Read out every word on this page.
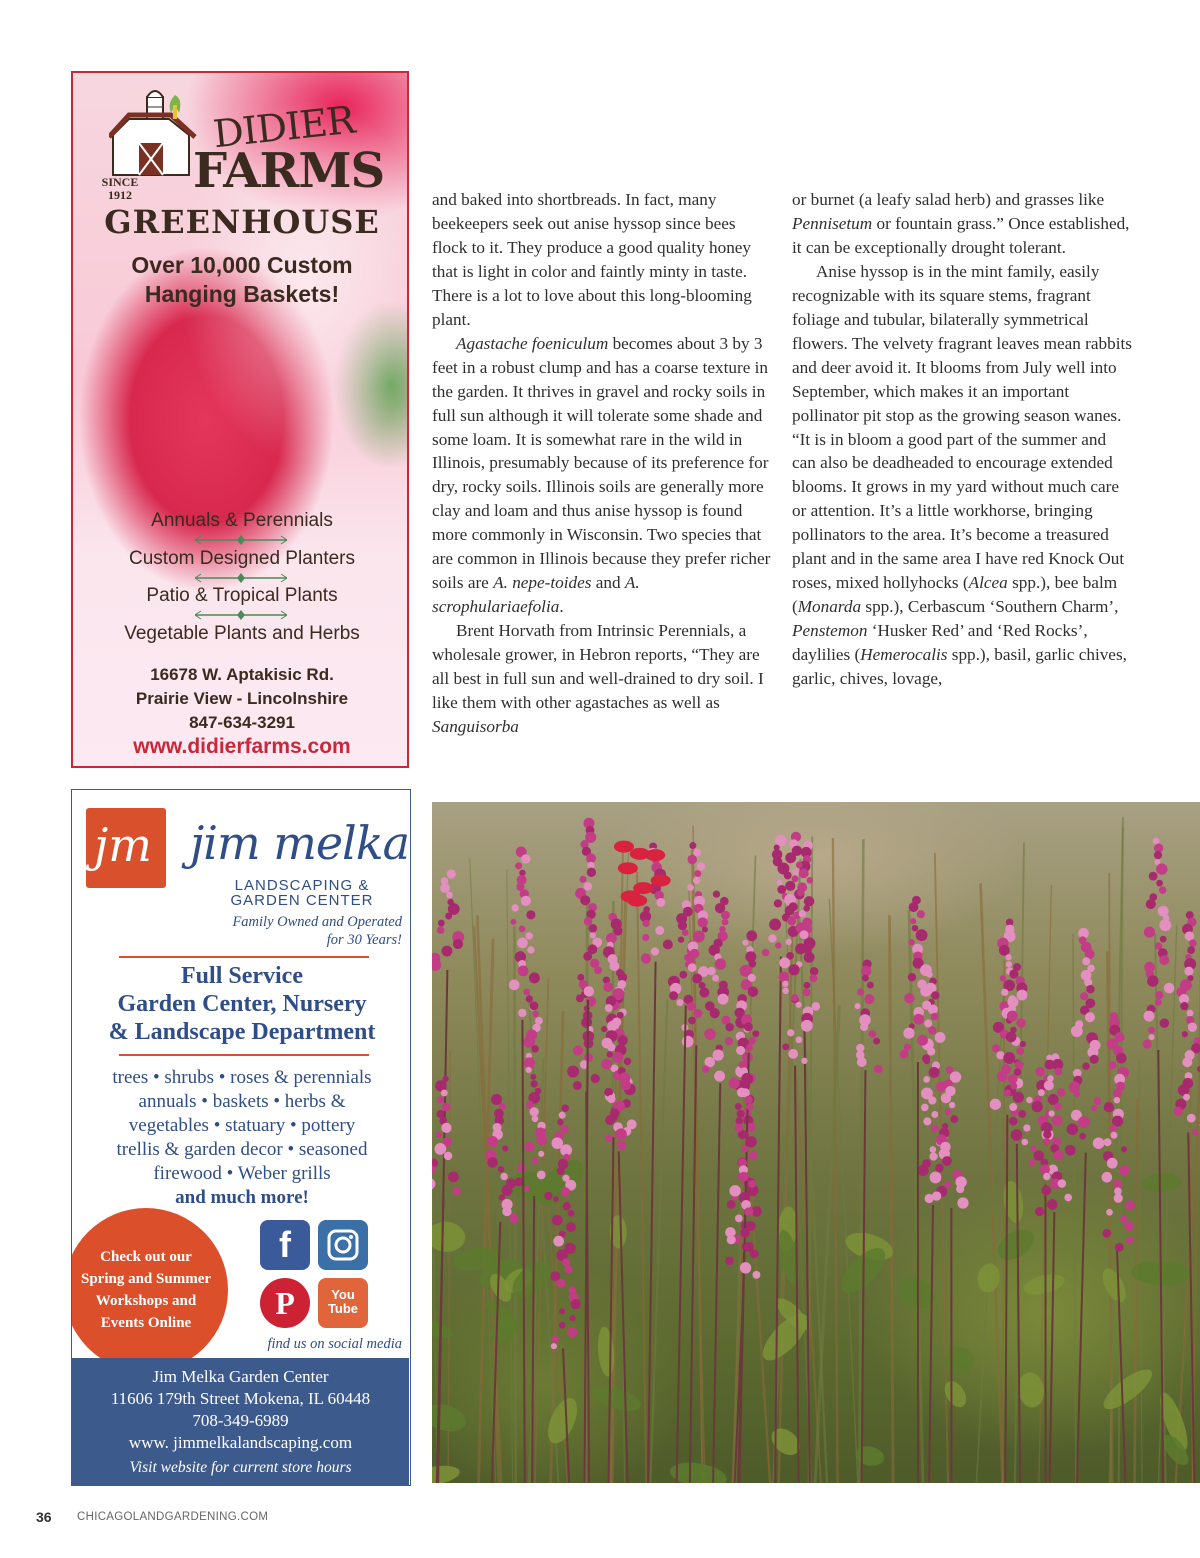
SINCE
1912
DIDIER
FARMS
GREENHOUSE
Over 10,000 Custom
Hanging Baskets!
Annuals & Perennials
Custom Designed Planters
Patio & Tropical Plants
Vegetable Plants and Herbs
16678 W. Aptakisic Rd.
Prairie View - Lincolnshire
847-634-3291
www.didierfarms.com

and baked into shortbreads. In fact, many beekeepers seek out anise hyssop since bees flock to it. They produce a good quality honey that is light in color and faintly minty in taste. There is a lot to love about this long-blooming plant.

Agastache foeniculum becomes about 3 by 3 feet in a robust clump and has a coarse texture in the garden. It thrives in gravel and rocky soils in full sun although it will tolerate some shade and some loam. It is somewhat rare in the wild in Illinois, presumably because of its preference for dry, rocky soils. Illinois soils are generally more clay and loam and thus anise hyssop is found more commonly in Wisconsin. Two species that are common in Illinois because they prefer richer soils are A. nepe-toides and A. scrophulariaefolia.

Brent Horvath from Intrinsic Perennials, a wholesale grower, in Hebron reports, “They are all best in full sun and well-drained to dry soil. I like them with other agastaches as well as Sanguisorba

or burnet (a leafy salad herb) and grasses like Pennisetum or fountain grass.” Once established, it can be exceptionally drought tolerant.

Anise hyssop is in the mint family, easily recognizable with its square stems, fragrant foliage and tubular, bilaterally symmetrical flowers. The velvety fragrant leaves mean rabbits and deer avoid it. It blooms from July well into September, which makes it an important pollinator pit stop as the growing season wanes. “It is in bloom a good part of the summer and can also be deadheaded to encourage extended blooms. It grows in my yard without much care or attention. It’s a little workhorse, bringing pollinators to the area. It’s become a treasured plant and in the same area I have red Knock Out roses, mixed hollyhocks (Alcea spp.), bee balm (Monarda spp.), Cerbascum ‘Southern Charm’, Penstemon ‘Husker Red’ and ‘Red Rocks’, daylilies (Hemerocalis spp.), basil, garlic chives, garlic, chives, lovage,

jm jim melka
LANDSCAPING &
GARDEN CENTER
Family Owned and Operated
for 30 Years!
Full Service
Garden Center, Nursery
& Landscape Department
trees • shrubs • roses & perennials
annuals • baskets • herbs &
vegetables • statuary • pottery
trellis & garden decor • seasoned
firewood • Weber grills
and much more!
Check out our
Spring and Summer
Workshops and
Events Online
f
P	You
Tube
find us on social media
Jim Melka Garden Center
11606 179th Street Mokena, IL 60448
708-349-6989
www. jimmelkalandscaping.com
Visit website for current store hours
36 CHICAGOLANDGARDENING.COM
